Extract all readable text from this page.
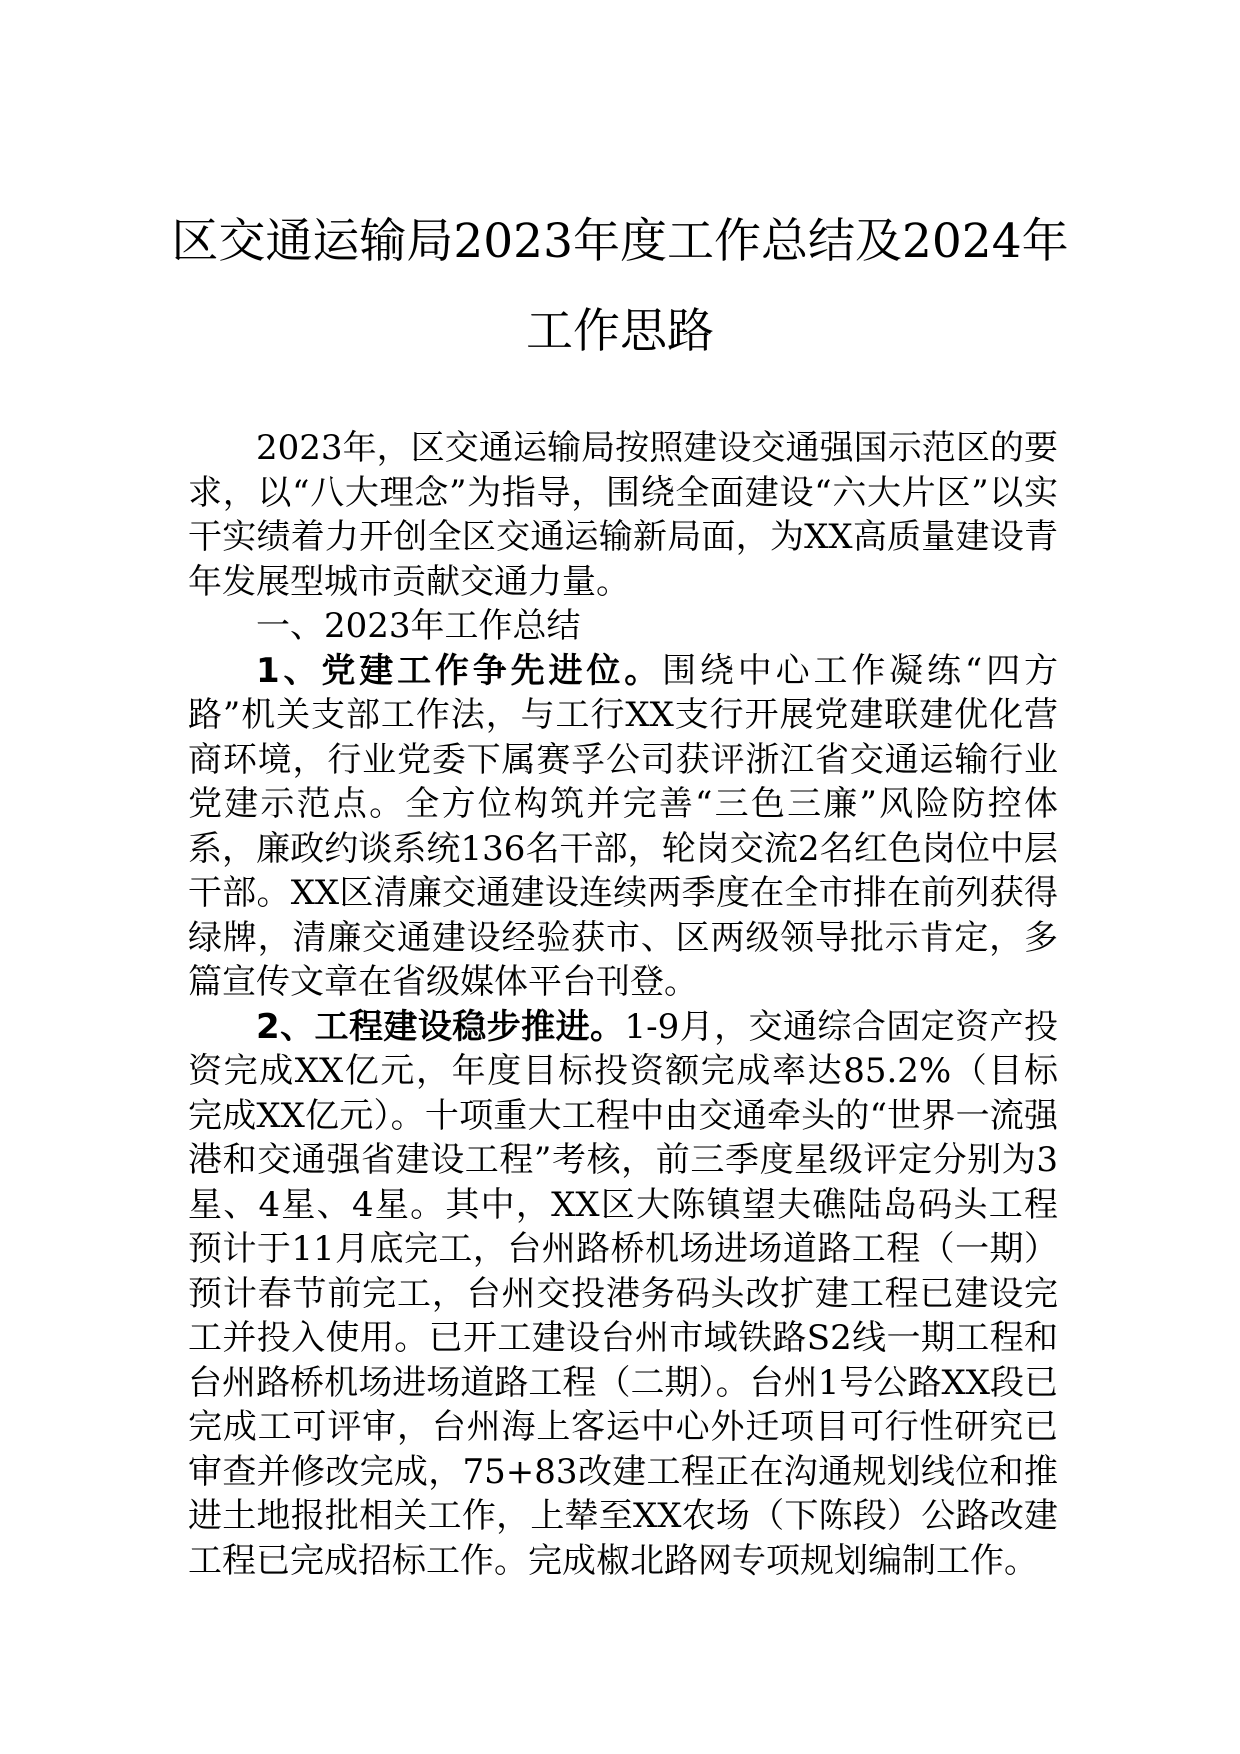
区交通运输局2023年度工作总结及2024年
工作思路

2023年，区交通运输局按照建设交通强国示范区的要求，以“八大理念”为指导，围绕全面建设“六大片区”以实干实绩着力开创全区交通运输新局面，为XX高质量建设青年发展型城市贡献交通力量。

一、2023年工作总结

1、党建工作争先进位。围绕中心工作凝练“四方路”机关支部工作法，与工行XX支行开展党建联建优化营商环境，行业党委下属赛孚公司获评浙江省交通运输行业党建示范点。全方位构筑并完善“三色三廉”风险防控体系，廉政约谈系统136名干部，轮岗交流2名红色岗位中层干部。XX区清廉交通建设连续两季度在全市排在前列获得绿牌，清廉交通建设经验获市、区两级领导批示肯定，多篇宣传文章在省级媒体平台刊登。

2、工程建设稳步推进。1-9月，交通综合固定资产投资完成XX亿元，年度目标投资额完成率达85.2%（目标完成XX亿元）。十项重大工程中由交通牵头的“世界一流强港和交通强省建设工程”考核，前三季度星级评定分别为3星、4星、4星。其中，XX区大陈镇望夫礁陆岛码头工程预计于11月底完工，台州路桥机场进场道路工程（一期）预计春节前完工，台州交投港务码头改扩建工程已建设完工并投入使用。已开工建设台州市域铁路S2线一期工程和台州路桥机场进场道路工程（二期）。台州1号公路XX段已完成工可评审，台州海上客运中心外迁项目可行性研究已审查并修改完成，75+83改建工程正在沟通规划线位和推进土地报批相关工作，上辇至XX农场（下陈段）公路改建工程已完成招标工作。完成椒北路网专项规划编制工作。
